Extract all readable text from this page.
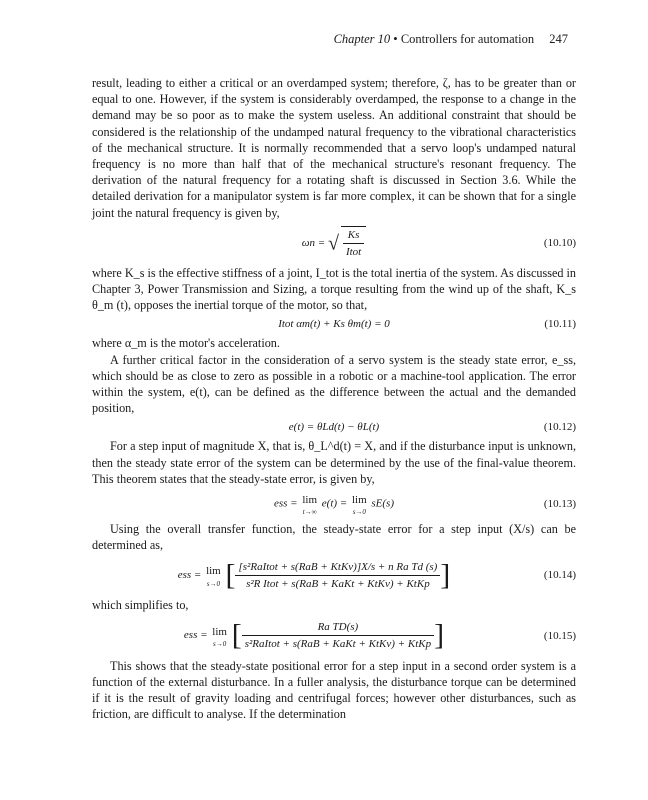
Chapter 10 • Controllers for automation 247

result, leading to either a critical or an overdamped system; therefore, ζ, has to be greater than or equal to one. However, if the system is considerably overdamped, the response to a change in the demand may be so poor as to make the system useless. An additional constraint that should be considered is the relationship of the undamped natural frequency to the vibrational characteristics of the mechanical structure. It is normally recommended that a servo loop's undamped natural frequency is no more than half that of the mechanical structure's resonant frequency. The derivation of the natural frequency for a rotating shaft is discussed in Section 3.6. While the detailed derivation for a manipulator system is far more complex, it can be shown that for a single joint the natural frequency is given by,

ωn = √ $\frac{Ks}{\text{Itot}}$	(10.10)

where K_s is the effective stiffness of a joint, I_tot is the total inertia of the system. As discussed in Chapter 3, Power Transmission and Sizing, a torque resulting from the wind up of the shaft, K_s θ_m (t), opposes the inertial torque of the motor, so that,

Itot αm(t) + Ks θm(t) = 0	(10.11)

where α_m is the motor's acceleration.

A further critical factor in the consideration of a servo system is the steady state error, e_ss, which should be as close to zero as possible in a robotic or a machine-tool application. The error within the system, e(t), can be defined as the difference between the actual and the demanded position,

e(t) = θLd(t) − θL(t)	(10.12)

For a step input of magnitude X, that is, θ_L^d(t) = X, and if the disturbance input is unknown, then the steady state error of the system can be determined by the use of the final-value theorem. This theorem states that the steady-state error, is given by,

ess = lim
t→∞
e(t) = lim
s→0
sE(s)	(10.13)

Using the overall transfer function, the steady-state error for a step input (X/s) can be determined as,

ess = lim
s→0 [ $\frac{\text{[s²RaItot + s(RaB + KtKv)]X/s + n Ra Td (s)}}{\text{s²R Itot + s(RaB + KaKt + KtKv) + KtKp}}$ ]	(10.14)

which simplifies to,

ess = lim
s→0 [ $\frac{\text{Ra TD(s)}}{\text{s²RaItot + s(RaB + KaKt + KtKv) + KtKp}}$ ]	(10.15)

This shows that the steady-state positional error for a step input in a second order system is a function of the external disturbance. In a fuller analysis, the disturbance torque can be determined if it is the result of gravity loading and centrifugal forces; however other disturbances, such as friction, are difficult to analyse. If the determination
